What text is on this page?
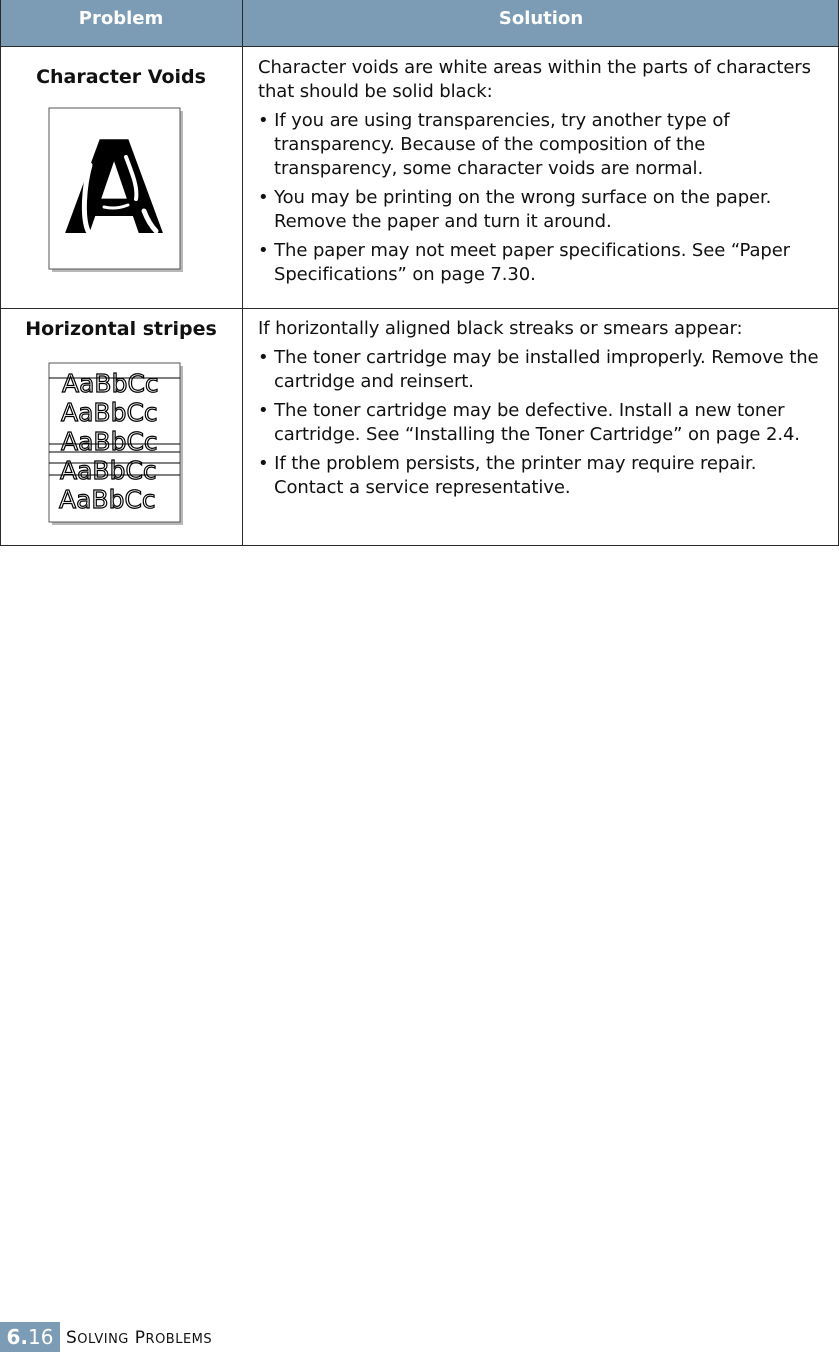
Problem	Solution
Character Voids
A

Character voids are white areas within the parts of characters that should be solid black:

• If you are using transparencies, try another type of transparency. Because of the composition of the transparency, some character voids are normal.

• You may be printing on the wrong surface on the paper. Remove the paper and turn it around.

• The paper may not meet paper specifications. See “Paper Specifications” on page 7.30.

Horizontal stripes
AaBbCc
AaBbCc
AaBbCc
AaBbCc
AaBbCc

If horizontally aligned black streaks or smears appear:

• The toner cartridge may be installed improperly. Remove the cartridge and reinsert.

• The toner cartridge may be defective. Install a new toner cartridge. See “Installing the Toner Cartridge” on page 2.4.

• If the problem persists, the printer may require repair. Contact a service representative.

6.16 SOLVING PROBLEMS
